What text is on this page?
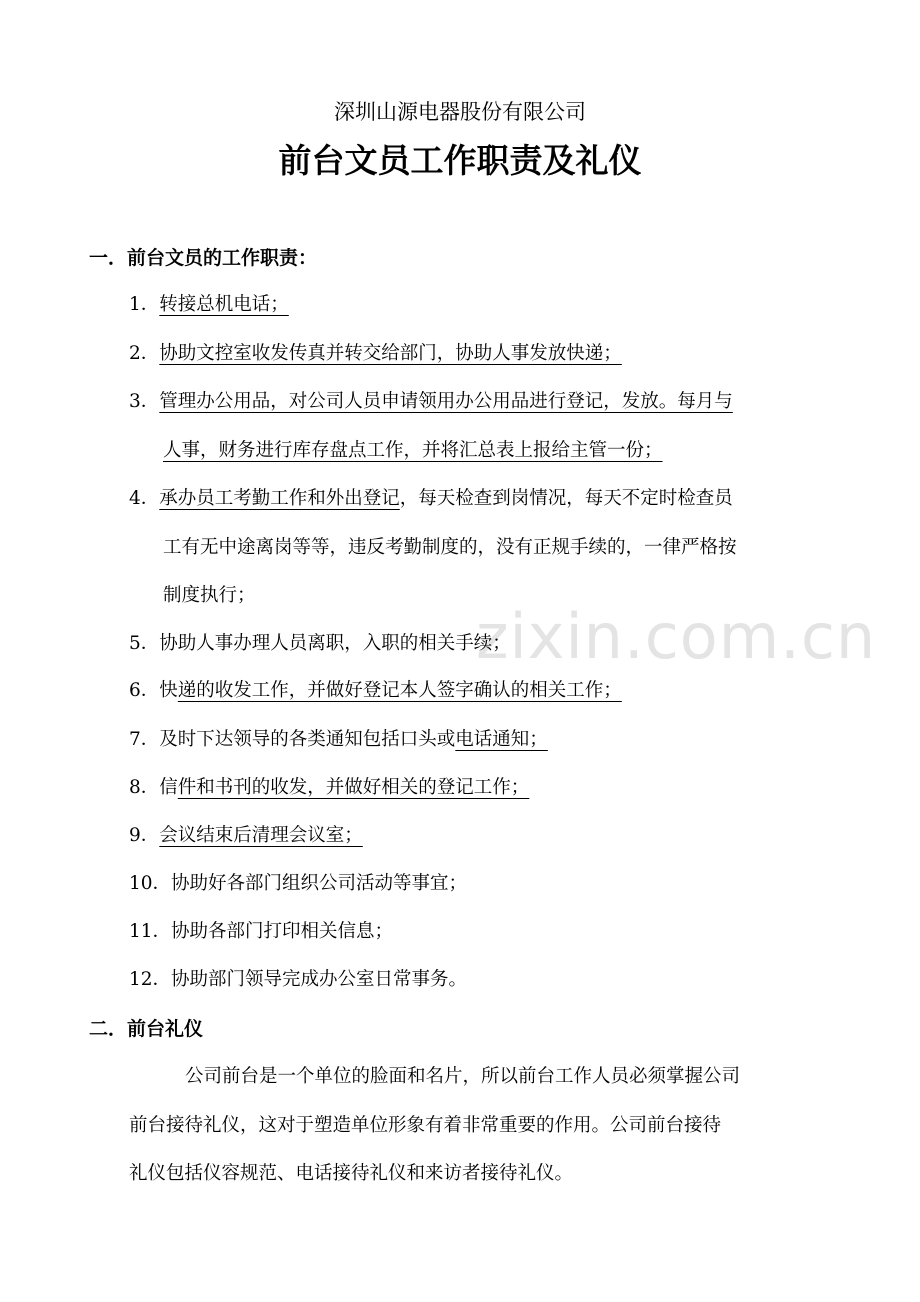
zixin.com.cn
深圳山源电器股份有限公司
前台文员工作职责及礼仪
一．前台文员的工作职责：
1．转接总机电话；
2．协助文控室收发传真并转交给部门，协助人事发放快递；
3．管理办公用品，对公司人员申请领用办公用品进行登记，发放。每月与
人事，财务进行库存盘点工作，并将汇总表上报给主管一份；
4．承办员工考勤工作和外出登记，每天检查到岗情况，每天不定时检查员
工有无中途离岗等等，违反考勤制度的，没有正规手续的，一律严格按
制度执行；
5．协助人事办理人员离职，入职的相关手续；
6．快递的收发工作，并做好登记本人签字确认的相关工作；
7．及时下达领导的各类通知包括口头或电话通知；
8．信件和书刊的收发，并做好相关的登记工作；
9．会议结束后清理会议室；
10．协助好各部门组织公司活动等事宜；
11．协助各部门打印相关信息；
12．协助部门领导完成办公室日常事务。
二．前台礼仪
公司前台是一个单位的脸面和名片，所以前台工作人员必须掌握公司
前台接待礼仪，这对于塑造单位形象有着非常重要的作用。公司前台接待
礼仪包括仪容规范、电话接待礼仪和来访者接待礼仪。
